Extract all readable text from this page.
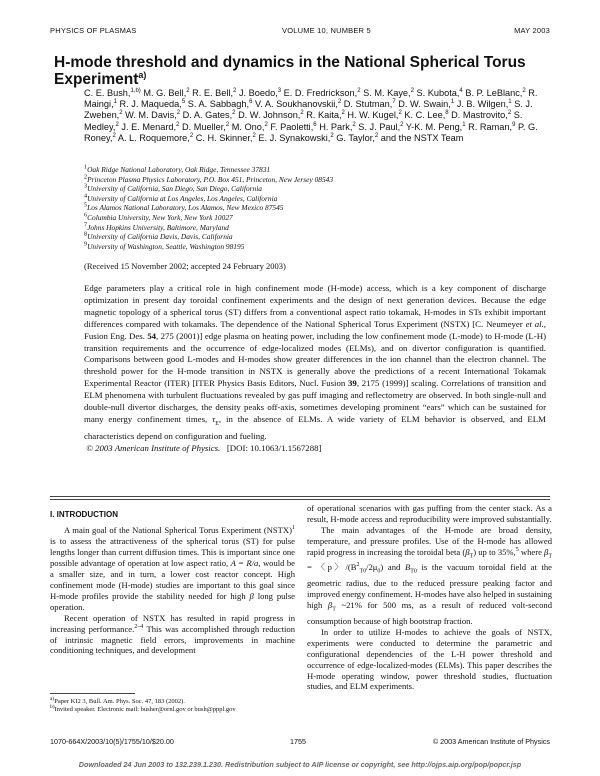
PHYSICS OF PLASMAS	VOLUME 10, NUMBER 5	MAY 2003
H-mode threshold and dynamics in the National Spherical Torus Experiment$^{a)}$
C. E. Bush,$^{1,b)}$ M. G. Bell,$^2$ R. E. Bell,$^2$ J. Boedo,$^3$ E. D. Fredrickson,$^2$ S. M. Kaye,$^2$ S. Kubota,$^4$ B. P. LeBlanc,$^2$ R. Maingi,$^1$ R. J. Maqueda,$^5$ S. A. Sabbagh,$^6$ V. A. Soukhanovskii,$^2$ D. Stutman,$^7$ D. W. Swain,$^1$ J. B. Wilgen,$^1$ S. J. Zweben,$^2$ W. M. Davis,$^2$ D. A. Gates,$^2$ D. W. Johnson,$^2$ R. Kaita,$^2$ H. W. Kugel,$^2$ K. C. Lee,$^8$ D. Mastrovito,$^2$ S. Medley,$^2$ J. E. Menard,$^2$ D. Mueller,$^2$ M. Ono,$^2$ F. Paoletti,$^6$ H. Park,$^2$ S. J. Paul,$^2$ Y-K. M. Peng,$^1$ R. Raman,$^9$ P. G. Roney,$^2$ A. L. Roquemore,$^2$ C. H. Skinner,$^2$ E. J. Synakowski,$^2$ G. Taylor,$^2$ and the NSTX Team
$^1$Oak Ridge National Laboratory, Oak Ridge, Tennessee 37831
$^2$Princeton Plasma Physics Laboratory, P.O. Box 451, Princeton, New Jersey 08543
$^3$University of California, San Diego, San Diego, California
$^4$University of California at Los Angeles, Los Angeles, California
$^5$Los Alamos National Laboratory, Los Alamos, New Mexico 87545
$^6$Columbia University, New York, New York 10027
$^7$Johns Hopkins University, Baltimore, Maryland
$^8$University of California Davis, Davis, California
$^9$University of Washington, Seattle, Washington 98195
(Received 15 November 2002; accepted 24 February 2003)
Edge parameters play a critical role in high confinement mode (H-mode) access, which is a key component of discharge optimization in present day toroidal confinement experiments and the design of next generation devices. Because the edge magnetic topology of a spherical torus (ST) differs from a conventional aspect ratio tokamak, H-modes in STs exhibit important differences compared with tokamaks. The dependence of the National Spherical Torus Experiment (NSTX) [C. Neumeyer et al., Fusion Eng. Des. 54, 275 (2001)] edge plasma on heating power, including the low confinement mode (L-mode) to H-mode (L-H) transition requirements and the occurrence of edge-localized modes (ELMs), and on divertor configuration is quantified. Comparisons between good L-modes and H-modes show greater differences in the ion channel than the electron channel. The threshold power for the H-mode transition in NSTX is generally above the predictions of a recent International Tokamak Experimental Reactor (ITER) [ITER Physics Basis Editors, Nucl. Fusion 39, 2175 (1999)] scaling. Correlations of transition and ELM phenomena with turbulent fluctuations revealed by gas puff imaging and reflectometry are observed. In both single-null and double-null divertor discharges, the density peaks off-axis, sometimes developing prominent “ears” which can be sustained for many energy confinement times, $\tau_E$, in the absence of ELMs. A wide variety of ELM behavior is observed, and ELM characteristics depend on configuration and fueling.
© 2003 American Institute of Physics. [DOI: 10.1063/1.1567288]
I. INTRODUCTION

A main goal of the National Spherical Torus Experiment (NSTX)$^1$ is to assess the attractiveness of the spherical torus (ST) for pulse lengths longer than current diffusion times. This is important since one possible advantage of operation at low aspect ratio, A = R/a, would be a smaller size, and in turn, a lower cost reactor concept. High confinement mode (H-mode) studies are important to this goal since H-mode profiles provide the stability needed for high β long pulse operation.

Recent operation of NSTX has resulted in rapid progress in increasing performance.$^{2-4}$ This was accomplished through reduction of intrinsic magnetic field errors, improvements in machine conditioning techniques, and development

of operational scenarios with gas puffing from the center stack. As a result, H-mode access and reproducibility were improved substantially.

The main advantages of the H-mode are broad density, temperature, and pressure profiles. Use of the H-mode has allowed rapid progress in increasing the toroidal beta $(\beta_T)$ up to 35%,$^5$ where $\beta_T$ = 〈p〉$/(B^2_{T0}/2\mu_0)$ and $B_{T0}$ is the vacuum toroidal field at the geometric radius, due to the reduced pressure peaking factor and improved energy confinement. H-modes have also helped in sustaining high $\beta_T$ ~21% for 500 ms, as a result of reduced volt-second consumption because of high bootstrap fraction.

In order to utilize H-modes to achieve the goals of NSTX, experiments were conducted to determine the parametric and configurational dependencies of the L-H power threshold and occurrence of edge-localized-modes (ELMs). This paper describes the H-mode operating window, power threshold studies, fluctuation studies, and ELM experiments.

$^{a)}$Paper KI2 3, Bull. Am. Phys. Soc. 47, 183 (2002).
$^{b)}$Invited speaker. Electronic mail: busher@ornl.gov or bush@pppl.gov
1070-664X/2003/10(5)/1755/10/$20.00	1755	© 2003 American Institute of Physics
Downloaded 24 Jun 2003 to 132.239.1.230. Redistribution subject to AIP license or copyright, see http://ojps.aip.org/pop/popcr.jsp
